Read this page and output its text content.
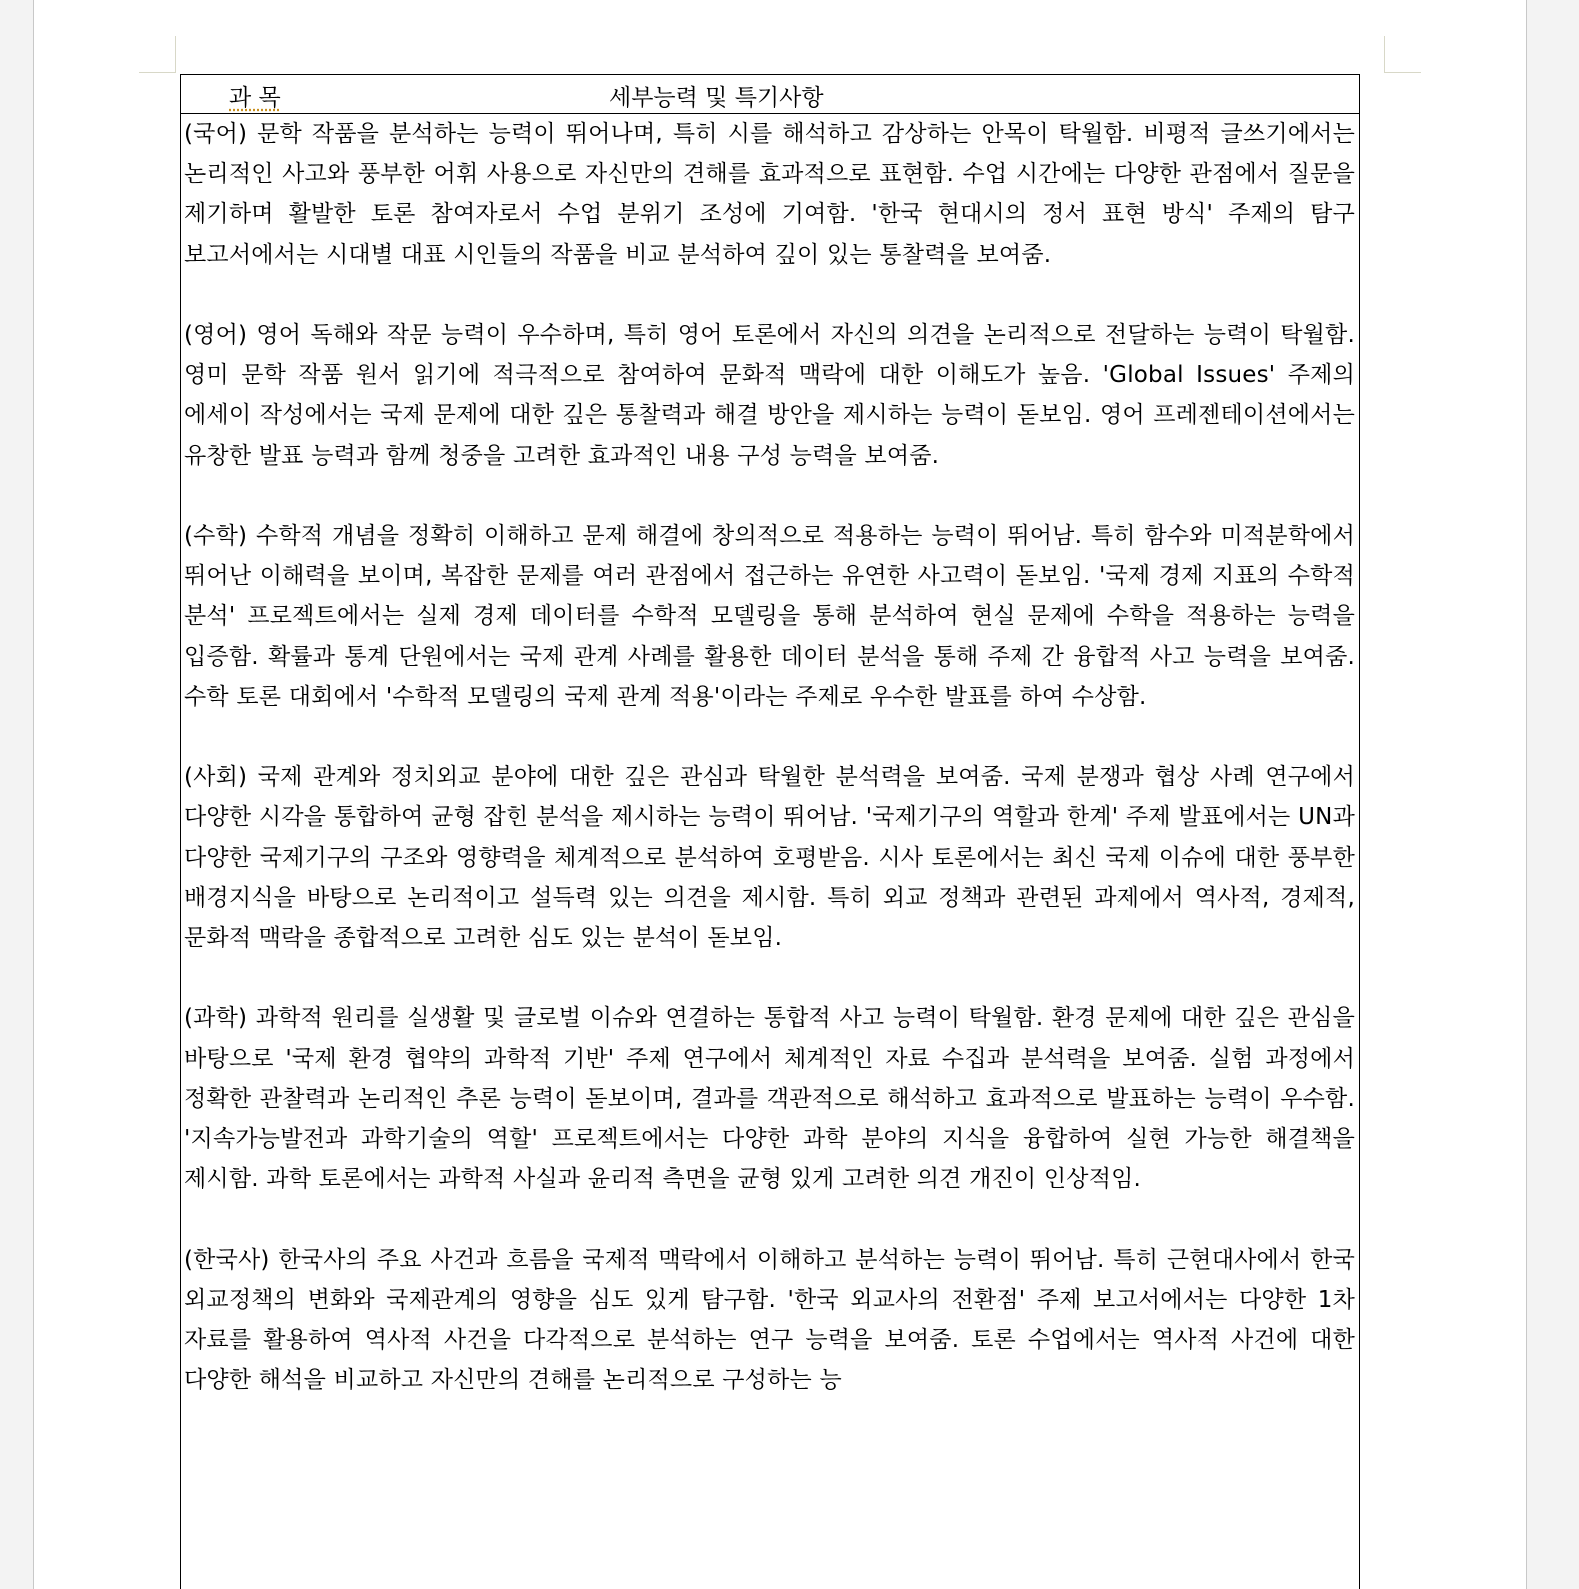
과 목	세부능력 및 특기사항

(국어) 문학 작품을 분석하는 능력이 뛰어나며, 특히 시를 해석하고 감상하는 안목이 탁월함. 비평적 글쓰기에서는 논리적인 사고와 풍부한 어휘 사용으로 자신만의 견해를 효과적으로 표현함. 수업 시간에는 다양한 관점에서 질문을 제기하며 활발한 토론 참여자로서 수업 분위기 조성에 기여함. '한국 현대시의 정서 표현 방식' 주제의 탐구 보고서에서는 시대별 대표 시인들의 작품을 비교 분석하여 깊이 있는 통찰력을 보여줌.

(영어) 영어 독해와 작문 능력이 우수하며, 특히 영어 토론에서 자신의 의견을 논리적으로 전달하는 능력이 탁월함. 영미 문학 작품 원서 읽기에 적극적으로 참여하여 문화적 맥락에 대한 이해도가 높음. 'Global Issues' 주제의 에세이 작성에서는 국제 문제에 대한 깊은 통찰력과 해결 방안을 제시하는 능력이 돋보임. 영어 프레젠테이션에서는 유창한 발표 능력과 함께 청중을 고려한 효과적인 내용 구성 능력을 보여줌.

(수학) 수학적 개념을 정확히 이해하고 문제 해결에 창의적으로 적용하는 능력이 뛰어남. 특히 함수와 미적분학에서 뛰어난 이해력을 보이며, 복잡한 문제를 여러 관점에서 접근하는 유연한 사고력이 돋보임. '국제 경제 지표의 수학적 분석' 프로젝트에서는 실제 경제 데이터를 수학적 모델링을 통해 분석하여 현실 문제에 수학을 적용하는 능력을 입증함. 확률과 통계 단원에서는 국제 관계 사례를 활용한 데이터 분석을 통해 주제 간 융합적 사고 능력을 보여줌. 수학 토론 대회에서 '수학적 모델링의 국제 관계 적용'이라는 주제로 우수한 발표를 하여 수상함.

(사회) 국제 관계와 정치외교 분야에 대한 깊은 관심과 탁월한 분석력을 보여줌. 국제 분쟁과 협상 사례 연구에서 다양한 시각을 통합하여 균형 잡힌 분석을 제시하는 능력이 뛰어남. '국제기구의 역할과 한계' 주제 발표에서는 UN과 다양한 국제기구의 구조와 영향력을 체계적으로 분석하여 호평받음. 시사 토론에서는 최신 국제 이슈에 대한 풍부한 배경지식을 바탕으로 논리적이고 설득력 있는 의견을 제시함. 특히 외교 정책과 관련된 과제에서 역사적, 경제적, 문화적 맥락을 종합적으로 고려한 심도 있는 분석이 돋보임.

(과학) 과학적 원리를 실생활 및 글로벌 이슈와 연결하는 통합적 사고 능력이 탁월함. 환경 문제에 대한 깊은 관심을 바탕으로 '국제 환경 협약의 과학적 기반' 주제 연구에서 체계적인 자료 수집과 분석력을 보여줌. 실험 과정에서 정확한 관찰력과 논리적인 추론 능력이 돋보이며, 결과를 객관적으로 해석하고 효과적으로 발표하는 능력이 우수함. '지속가능발전과 과학기술의 역할' 프로젝트에서는 다양한 과학 분야의 지식을 융합하여 실현 가능한 해결책을 제시함. 과학 토론에서는 과학적 사실과 윤리적 측면을 균형 있게 고려한 의견 개진이 인상적임.

(한국사) 한국사의 주요 사건과 흐름을 국제적 맥락에서 이해하고 분석하는 능력이 뛰어남. 특히 근현대사에서 한국 외교정책의 변화와 국제관계의 영향을 심도 있게 탐구함. '한국 외교사의 전환점' 주제 보고서에서는 다양한 1차 자료를 활용하여 역사적 사건을 다각적으로 분석하는 연구 능력을 보여줌. 토론 수업에서는 역사적 사건에 대한 다양한 해석을 비교하고 자신만의 견해를 논리적으로 구성하는 능
